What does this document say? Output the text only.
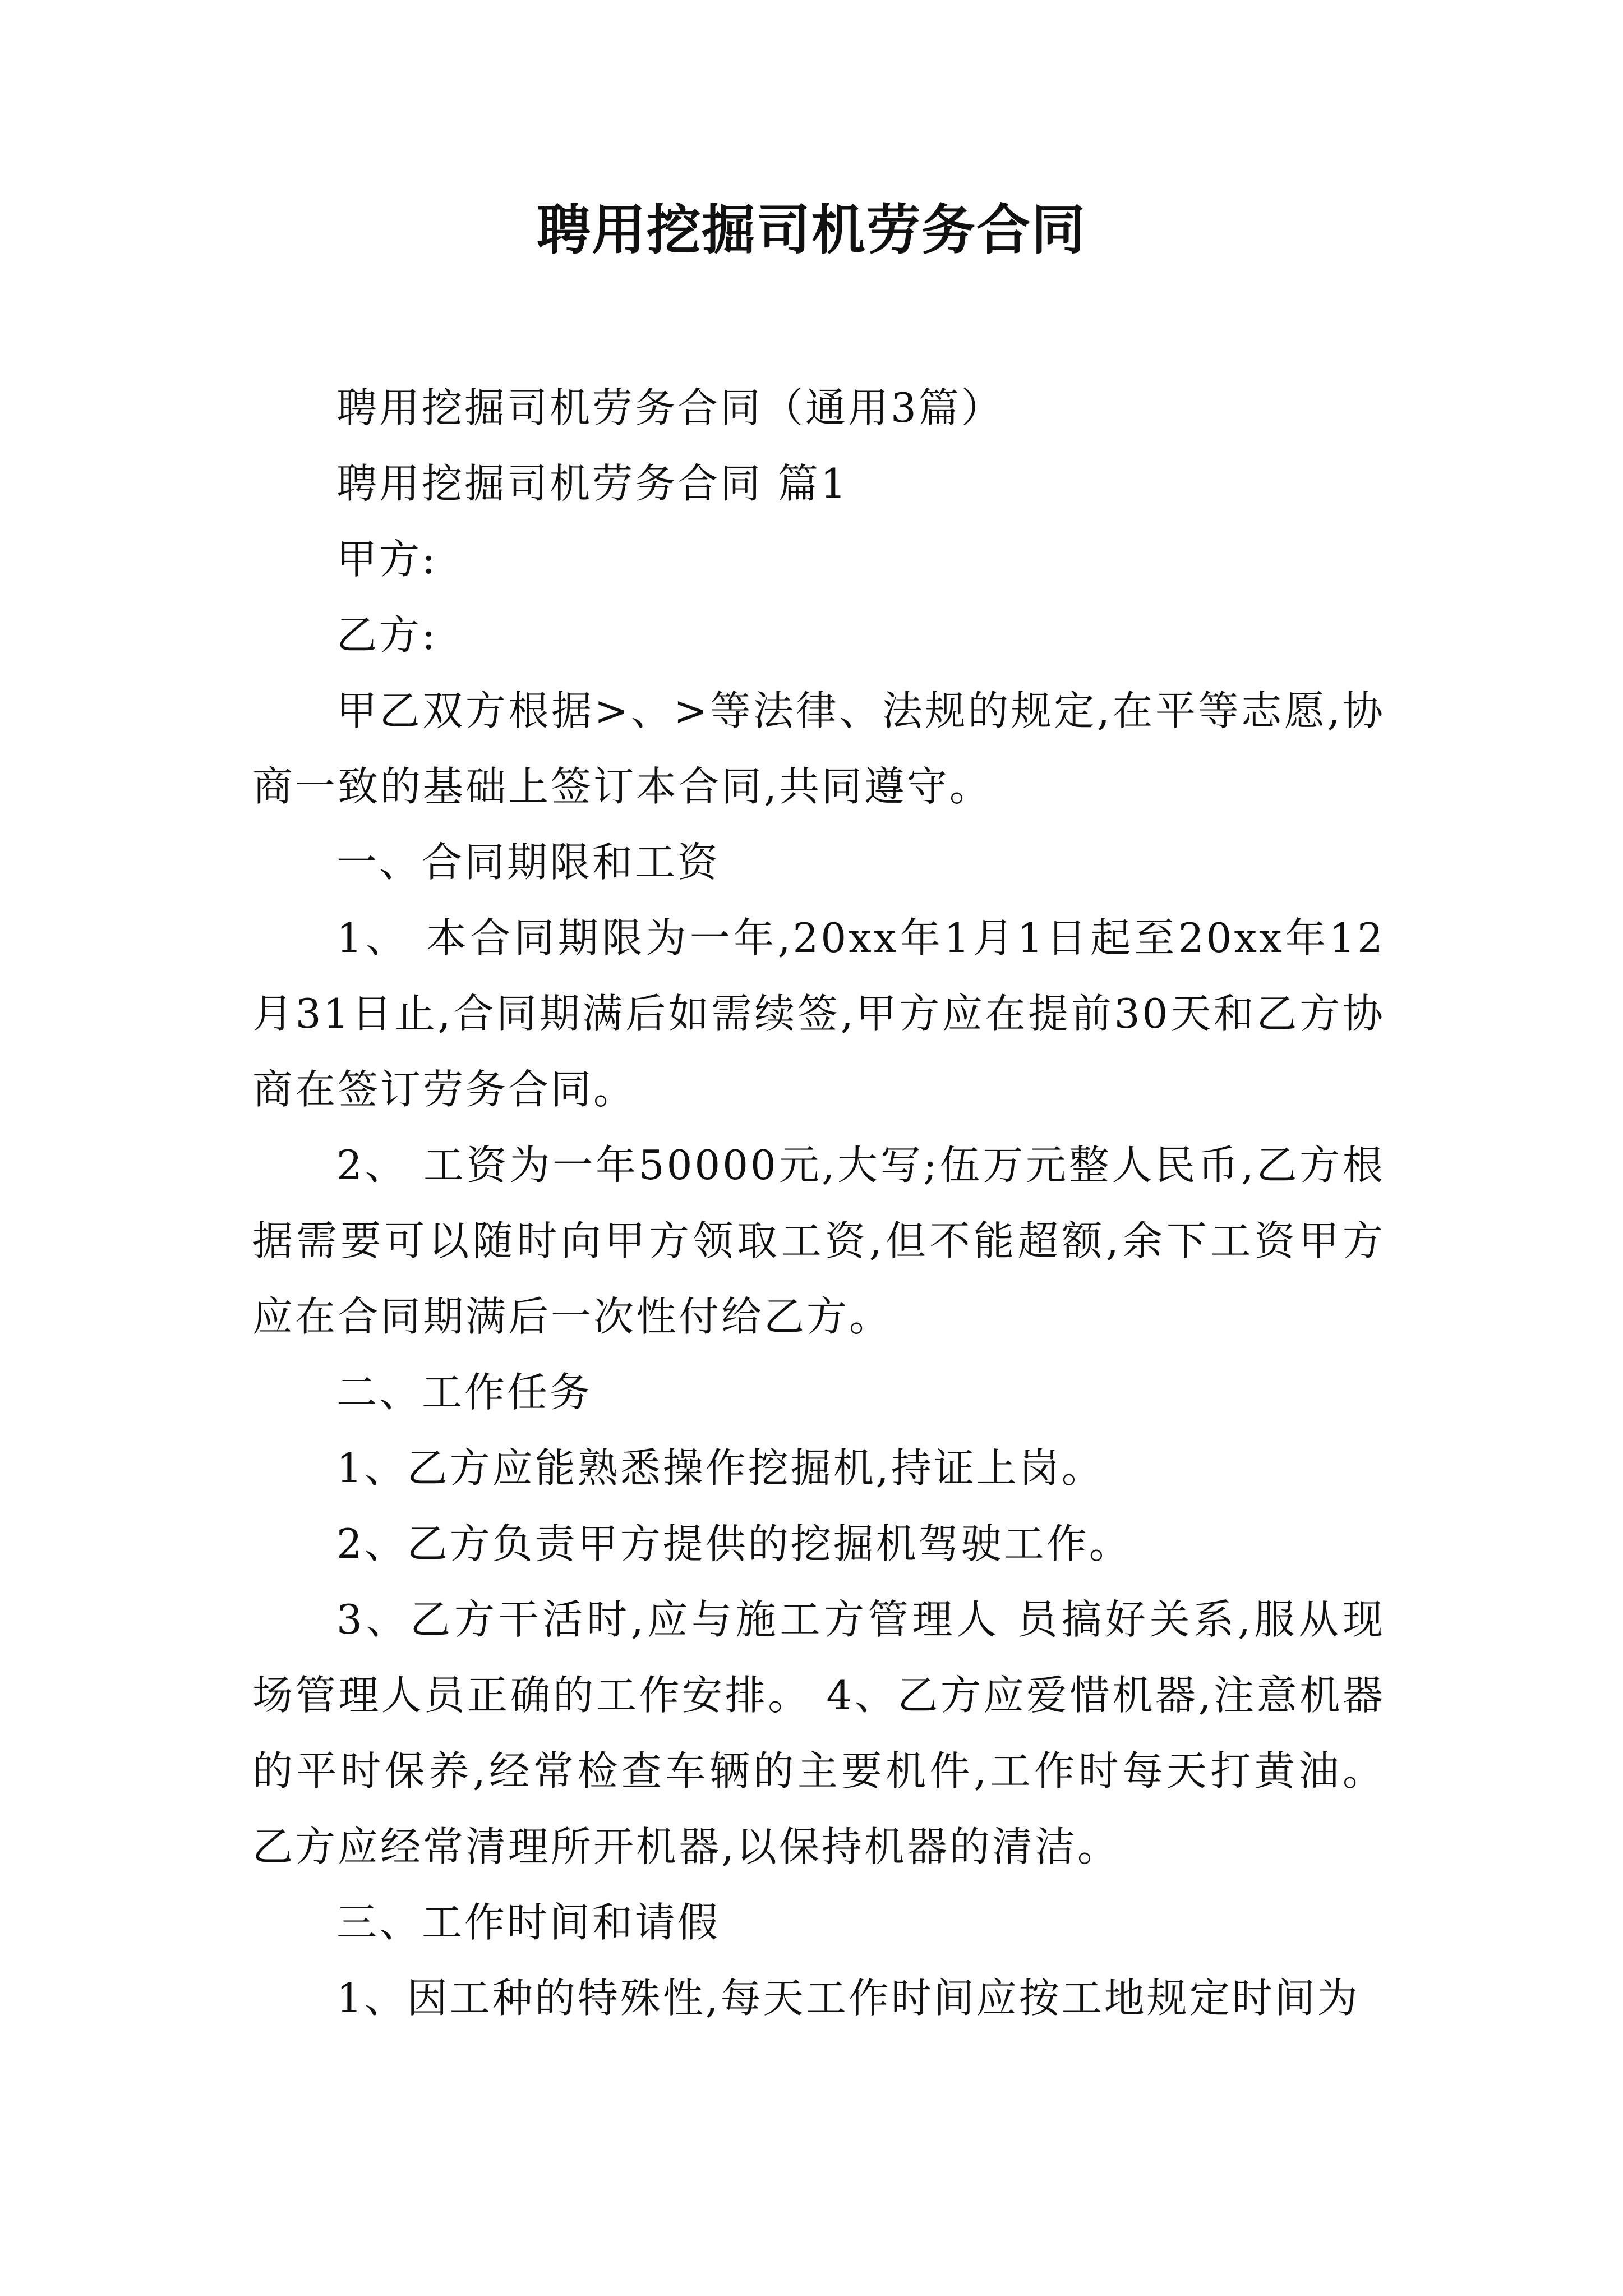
聘用挖掘司机劳务合同

聘用挖掘司机劳务合同（通用3篇）

聘用挖掘司机劳务合同 篇1

甲方:

乙方:

甲乙双方根据>、>等法律、法规的规定,在平等志愿,协商一致的基础上签订本合同,共同遵守。

一、合同期限和工资

1、 本合同期限为一年,20xx年1月1日起至20xx年12月31日止,合同期满后如需续签,甲方应在提前30天和乙方协商在签订劳务合同。

2、 工资为一年50000元,大写;伍万元整人民币,乙方根据需要可以随时向甲方领取工资,但不能超额,余下工资甲方应在合同期满后一次性付给乙方。

二、工作任务

1、乙方应能熟悉操作挖掘机,持证上岗。

2、乙方负责甲方提供的挖掘机驾驶工作。

3、乙方干活时,应与施工方管理人 员搞好关系,服从现场管理人员正确的工作安排。 4、乙方应爱惜机器,注意机器的平时保养,经常检查车辆的主要机件,工作时每天打黄油。乙方应经常清理所开机器,以保持机器的清洁。

三、工作时间和请假

1、因工种的特殊性,每天工作时间应按工地规定时间为
